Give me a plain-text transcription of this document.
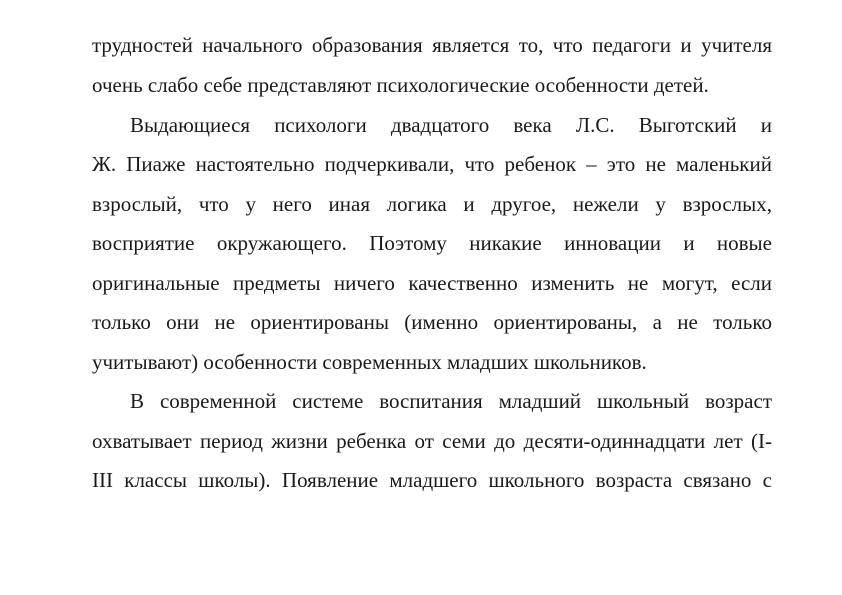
трудностей начального образования является то, что педагоги и учителя
очень слабо себе представляют психологические особенности детей.
Выдающиеся психологи двадцатого века Л.С. Выготский и
Ж. Пиаже настоятельно подчеркивали, что ребенок – это не маленький
взрослый, что у него иная логика и другое, нежели у взрослых,
восприятие окружающего. Поэтому никакие инновации и новые
оригинальные предметы ничего качественно изменить не могут, если
только они не ориентированы (именно ориентированы, а не только
учитывают) особенности современных младших школьников.
В современной системе воспитания младший школьный возраст
охватывает период жизни ребенка от семи до десяти-одиннадцати лет (I-
III классы школы). Появление младшего школьного возраста связано с
